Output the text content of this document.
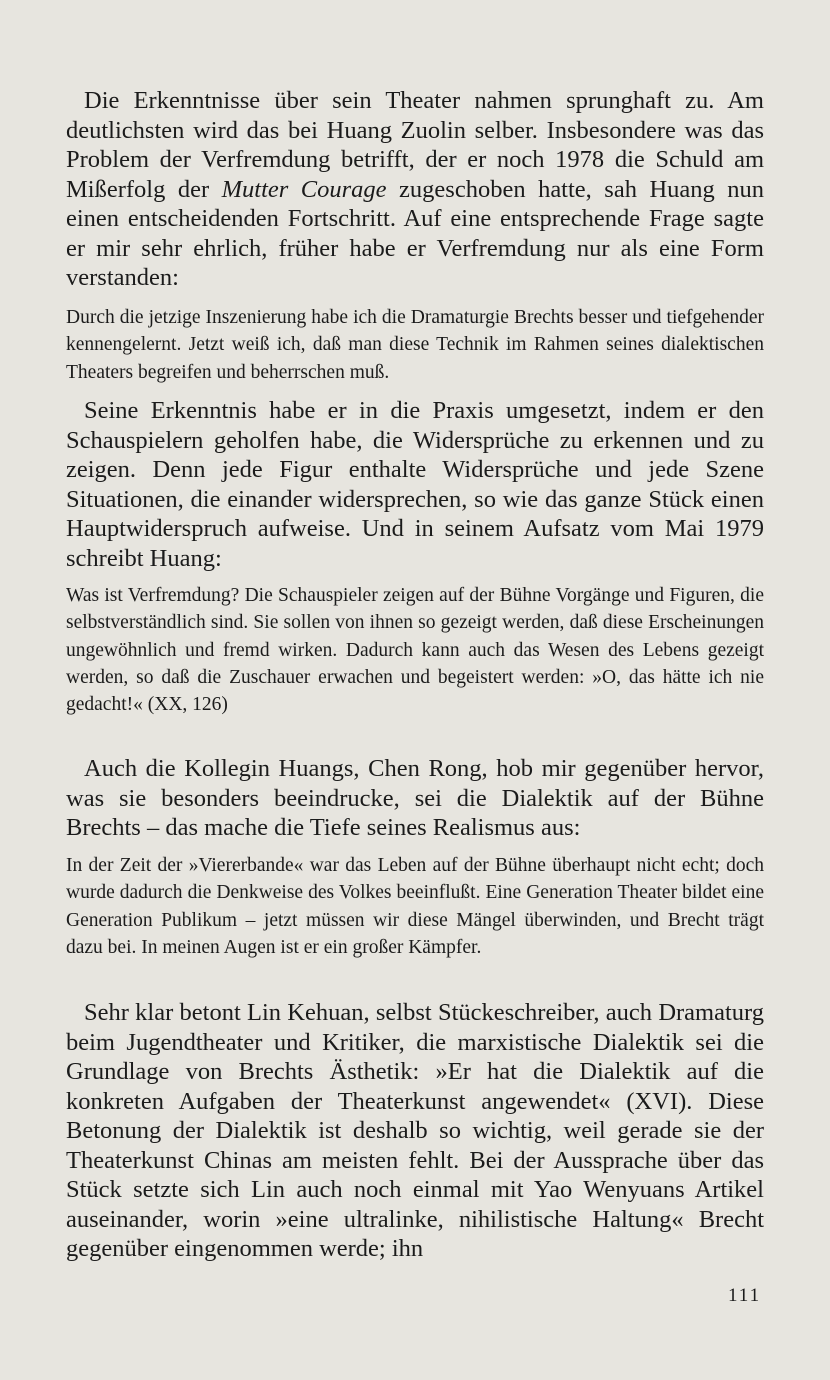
Die Erkenntnisse über sein Theater nahmen sprunghaft zu. Am deutlichsten wird das bei Huang Zuolin selber. Insbesondere was das Problem der Verfremdung betrifft, der er noch 1978 die Schuld am Mißerfolg der Mutter Courage zugeschoben hatte, sah Huang nun einen entscheidenden Fortschritt. Auf eine entsprechende Frage sagte er mir sehr ehrlich, früher habe er Verfremdung nur als eine Form verstanden:

Durch die jetzige Inszenierung habe ich die Dramaturgie Brechts besser und tiefgehender kennengelernt. Jetzt weiß ich, daß man diese Technik im Rahmen seines dialektischen Theaters begreifen und beherrschen muß.

Seine Erkenntnis habe er in die Praxis umgesetzt, indem er den Schauspielern geholfen habe, die Widersprüche zu erkennen und zu zeigen. Denn jede Figur enthalte Widersprüche und jede Szene Situationen, die einander widersprechen, so wie das ganze Stück einen Hauptwiderspruch aufweise. Und in seinem Aufsatz vom Mai 1979 schreibt Huang:

Was ist Verfremdung? Die Schauspieler zeigen auf der Bühne Vorgänge und Figuren, die selbstverständlich sind. Sie sollen von ihnen so gezeigt werden, daß diese Erscheinungen ungewöhnlich und fremd wirken. Dadurch kann auch das Wesen des Lebens gezeigt werden, so daß die Zuschauer erwachen und begeistert werden: »O, das hätte ich nie gedacht!« (XX, 126)

Auch die Kollegin Huangs, Chen Rong, hob mir gegenüber hervor, was sie besonders beeindrucke, sei die Dialektik auf der Bühne Brechts – das mache die Tiefe seines Realismus aus:

In der Zeit der »Viererbande« war das Leben auf der Bühne überhaupt nicht echt; doch wurde dadurch die Denkweise des Volkes beeinflußt. Eine Generation Theater bildet eine Generation Publikum – jetzt müssen wir diese Mängel überwinden, und Brecht trägt dazu bei. In meinen Augen ist er ein großer Kämpfer.

Sehr klar betont Lin Kehuan, selbst Stückeschreiber, auch Dramaturg beim Jugendtheater und Kritiker, die marxistische Dialektik sei die Grundlage von Brechts Ästhetik: »Er hat die Dialektik auf die konkreten Aufgaben der Theaterkunst angewendet« (XVI). Diese Betonung der Dialektik ist deshalb so wichtig, weil gerade sie der Theaterkunst Chinas am meisten fehlt. Bei der Aussprache über das Stück setzte sich Lin auch noch einmal mit Yao Wenyuans Artikel auseinander, worin »eine ultralinke, nihilistische Haltung« Brecht gegenüber eingenommen werde; ihn

111
